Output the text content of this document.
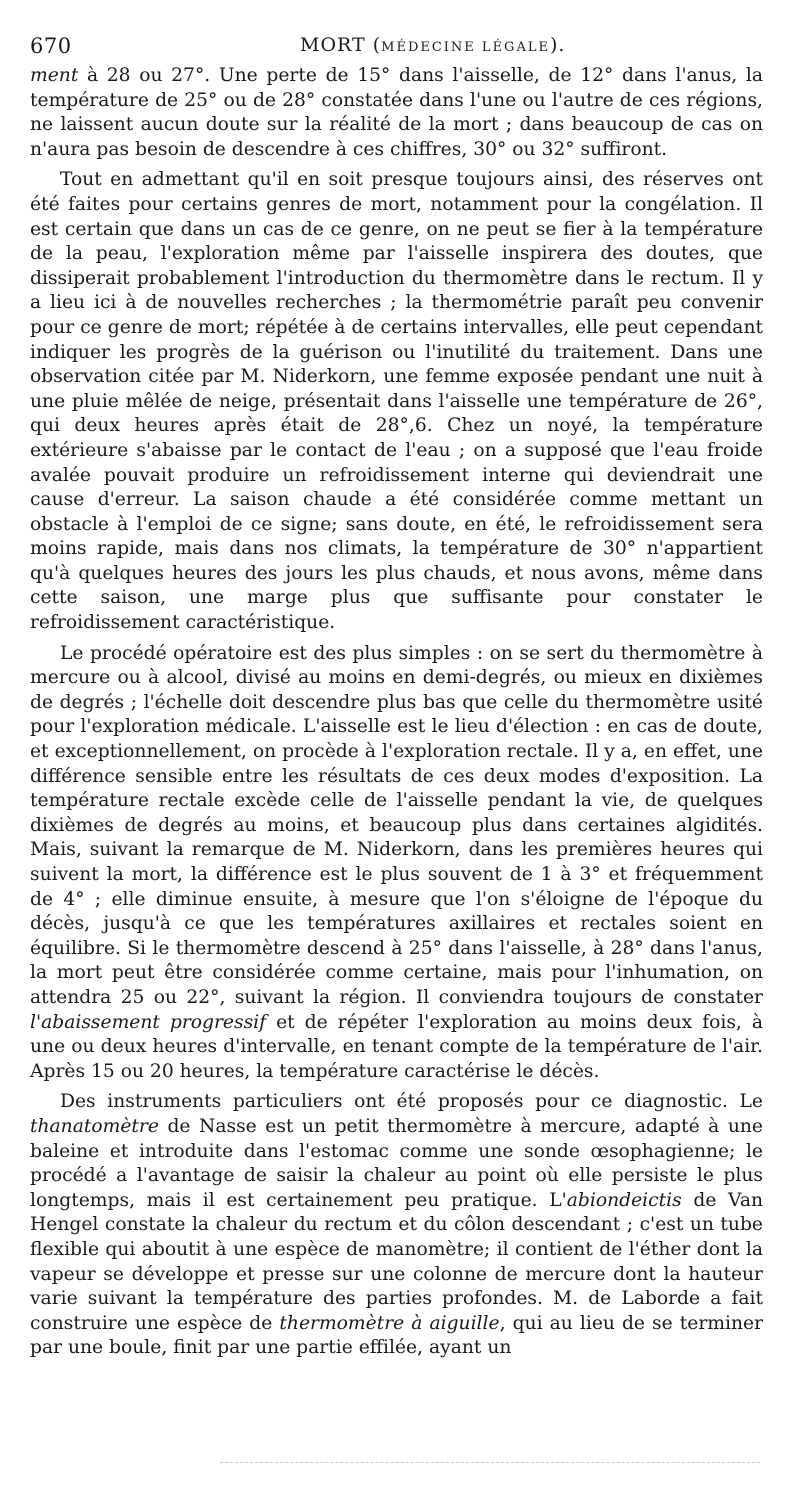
670	MORT (MÉDECINE LÉGALE).

ment à 28 ou 27°. Une perte de 15° dans l'aisselle, de 12° dans l'anus, la température de 25° ou de 28° constatée dans l'une ou l'autre de ces régions, ne laissent aucun doute sur la réalité de la mort ; dans beaucoup de cas on n'aura pas besoin de descendre à ces chiffres, 30° ou 32° suffiront.

Tout en admettant qu'il en soit presque toujours ainsi, des réserves ont été faites pour certains genres de mort, notamment pour la congélation. Il est certain que dans un cas de ce genre, on ne peut se fier à la température de la peau, l'exploration même par l'aisselle inspirera des doutes, que dissiperait probablement l'introduction du thermomètre dans le rectum. Il y a lieu ici à de nouvelles recherches ; la thermométrie paraît peu convenir pour ce genre de mort; répétée à de certains intervalles, elle peut cependant indiquer les progrès de la guérison ou l'inutilité du traitement. Dans une observation citée par M. Niderkorn, une femme exposée pendant une nuit à une pluie mêlée de neige, présentait dans l'aisselle une température de 26°, qui deux heures après était de 28°,6. Chez un noyé, la température extérieure s'abaisse par le contact de l'eau ; on a supposé que l'eau froide avalée pouvait produire un refroidissement interne qui deviendrait une cause d'erreur. La saison chaude a été considérée comme mettant un obstacle à l'emploi de ce signe; sans doute, en été, le refroidissement sera moins rapide, mais dans nos climats, la température de 30° n'appartient qu'à quelques heures des jours les plus chauds, et nous avons, même dans cette saison, une marge plus que suffisante pour constater le refroidissement caractéristique.

Le procédé opératoire est des plus simples : on se sert du thermomètre à mercure ou à alcool, divisé au moins en demi-degrés, ou mieux en dixièmes de degrés ; l'échelle doit descendre plus bas que celle du thermomètre usité pour l'exploration médicale. L'aisselle est le lieu d'élection : en cas de doute, et exceptionnellement, on procède à l'exploration rectale. Il y a, en effet, une différence sensible entre les résultats de ces deux modes d'exposition. La température rectale excède celle de l'aisselle pendant la vie, de quelques dixièmes de degrés au moins, et beaucoup plus dans certaines algidités. Mais, suivant la remarque de M. Niderkorn, dans les premières heures qui suivent la mort, la différence est le plus souvent de 1 à 3° et fréquemment de 4° ; elle diminue ensuite, à mesure que l'on s'éloigne de l'époque du décès, jusqu'à ce que les températures axillaires et rectales soient en équilibre. Si le thermomètre descend à 25° dans l'aisselle, à 28° dans l'anus, la mort peut être considérée comme certaine, mais pour l'inhumation, on attendra 25 ou 22°, suivant la région. Il conviendra toujours de constater l'abaissement progressif et de répéter l'exploration au moins deux fois, à une ou deux heures d'intervalle, en tenant compte de la température de l'air. Après 15 ou 20 heures, la température caractérise le décès.

Des instruments particuliers ont été proposés pour ce diagnostic. Le thanatomètre de Nasse est un petit thermomètre à mercure, adapté à une baleine et introduite dans l'estomac comme une sonde œsophagienne; le procédé a l'avantage de saisir la chaleur au point où elle persiste le plus longtemps, mais il est certainement peu pratique. L'abiondeictis de Van Hengel constate la chaleur du rectum et du côlon descendant ; c'est un tube flexible qui aboutit à une espèce de manomètre; il contient de l'éther dont la vapeur se développe et presse sur une colonne de mercure dont la hauteur varie suivant la température des parties profondes. M. de Laborde a fait construire une espèce de thermomètre à aiguille, qui au lieu de se terminer par une boule, finit par une partie effilée, ayant un
